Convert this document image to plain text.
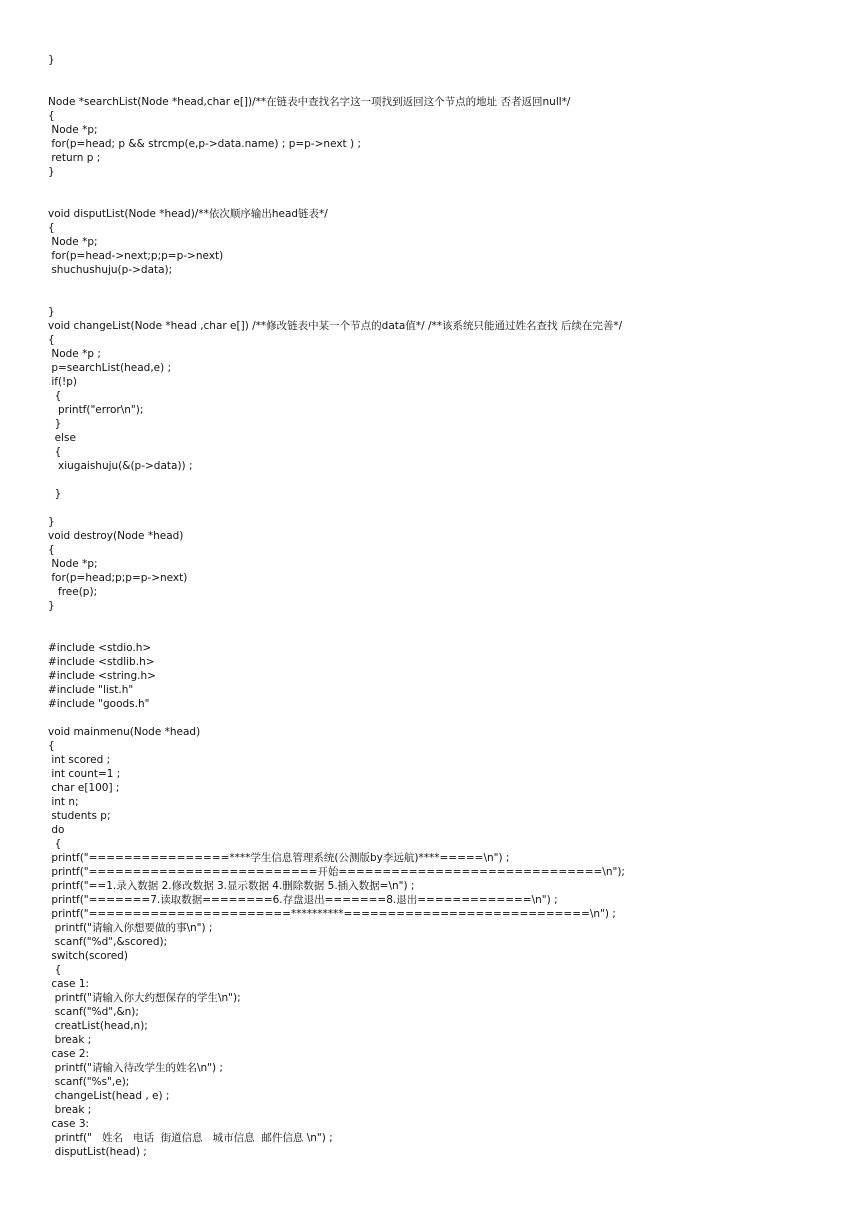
}
Node *searchList(Node *head,char e[])/**在链表中查找名字这一项找到返回这个节点的地址 否者返回null*/
{
Node *p;
for(p=head; p && strcmp(e,p->data.name) ; p=p->next ) ;
return p ;
}
void disputList(Node *head)/**依次顺序输出head链表*/
{
Node *p;
for(p=head->next;p;p=p->next)
shuchushuju(p->data);
}
void changeList(Node *head ,char e[]) /**修改链表中某一个节点的data值*/ /**该系统只能通过姓名查找 后续在完善*/
{
Node *p ;
p=searchList(head,e) ;
if(!p)
{
printf("error\n");
}
else
{
xiugaishuju(&(p->data)) ;
}
}
void destroy(Node *head)
{
Node *p;
for(p=head;p;p=p->next)
free(p);
}
#include <stdio.h>
#include <stdlib.h>
#include <string.h>
#include "list.h"
#include "goods.h"
void mainmenu(Node *head)
{
int scored ;
int count=1 ;
char e[100] ;
int n;
students p;
do
{
printf("================****学生信息管理系统(公测版by李远航)****=====\n") ;
printf("==========================开始==============================\n");
printf("==1.录入数据 2.修改数据 3.显示数据 4.删除数据 5.插入数据=\n") ;
printf("=======7.读取数据========6.存盘退出=======8.退出=============\n") ;
printf("=======================**********============================\n") ;
printf("请输入你想要做的事\n") ;
scanf("%d",&scored);
switch(scored)
{
case 1:
printf("请输入你大约想保存的学生\n");
scanf("%d",&n);
creatList(head,n);
break ;
case 2:
printf("请输入待改学生的姓名\n") ;
scanf("%s",e);
changeList(head , e) ;
break ;
case 3:
printf("   姓名   电话  街道信息   城市信息  邮件信息 \n") ;
disputList(head) ;
